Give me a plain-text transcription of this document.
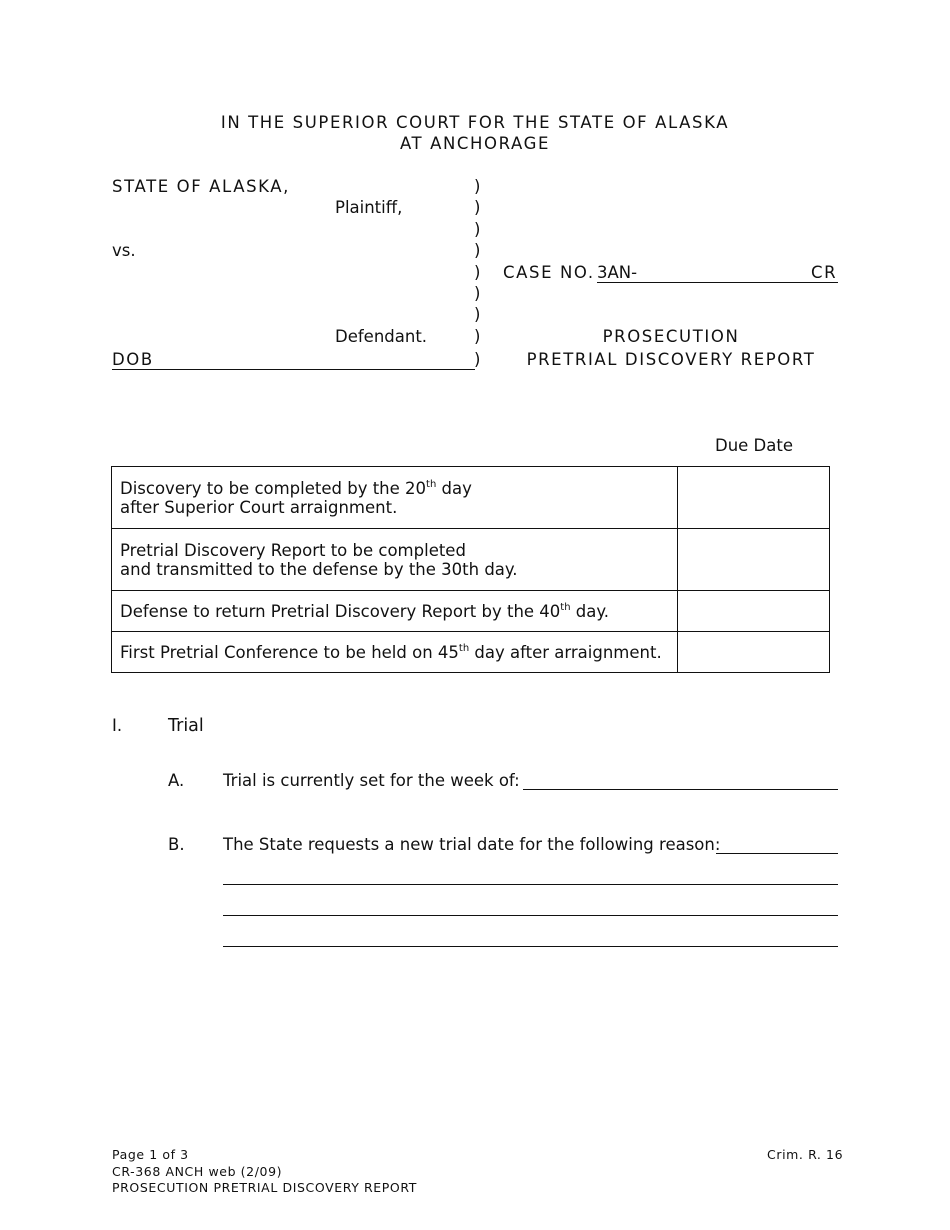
IN THE SUPERIOR COURT FOR THE STATE OF ALASKA
AT ANCHORAGE
STATE OF ALASKA,
Plaintiff,
vs.
Defendant.
DOB
)
)
)
)
)
)
)
)
)
CASE NO. 3AN-	CR
PROSECUTION
PRETRIAL DISCOVERY REPORT
Due Date
Discovery to be completed by the 20th day
after Superior Court arraignment.	
Pretrial Discovery Report to be completed
and transmitted to the defense by the 30th day.	
Defense to return Pretrial Discovery Report by the 40th day.	
First Pretrial Conference to be held on 45th day after arraignment.	
I.	Trial
A. Trial is currently set for the week of:
B. The State requests a new trial date for the following reason:
Page 1 of 3
CR-368 ANCH web (2/09)
PROSECUTION PRETRIAL DISCOVERY REPORT
Crim. R. 16
